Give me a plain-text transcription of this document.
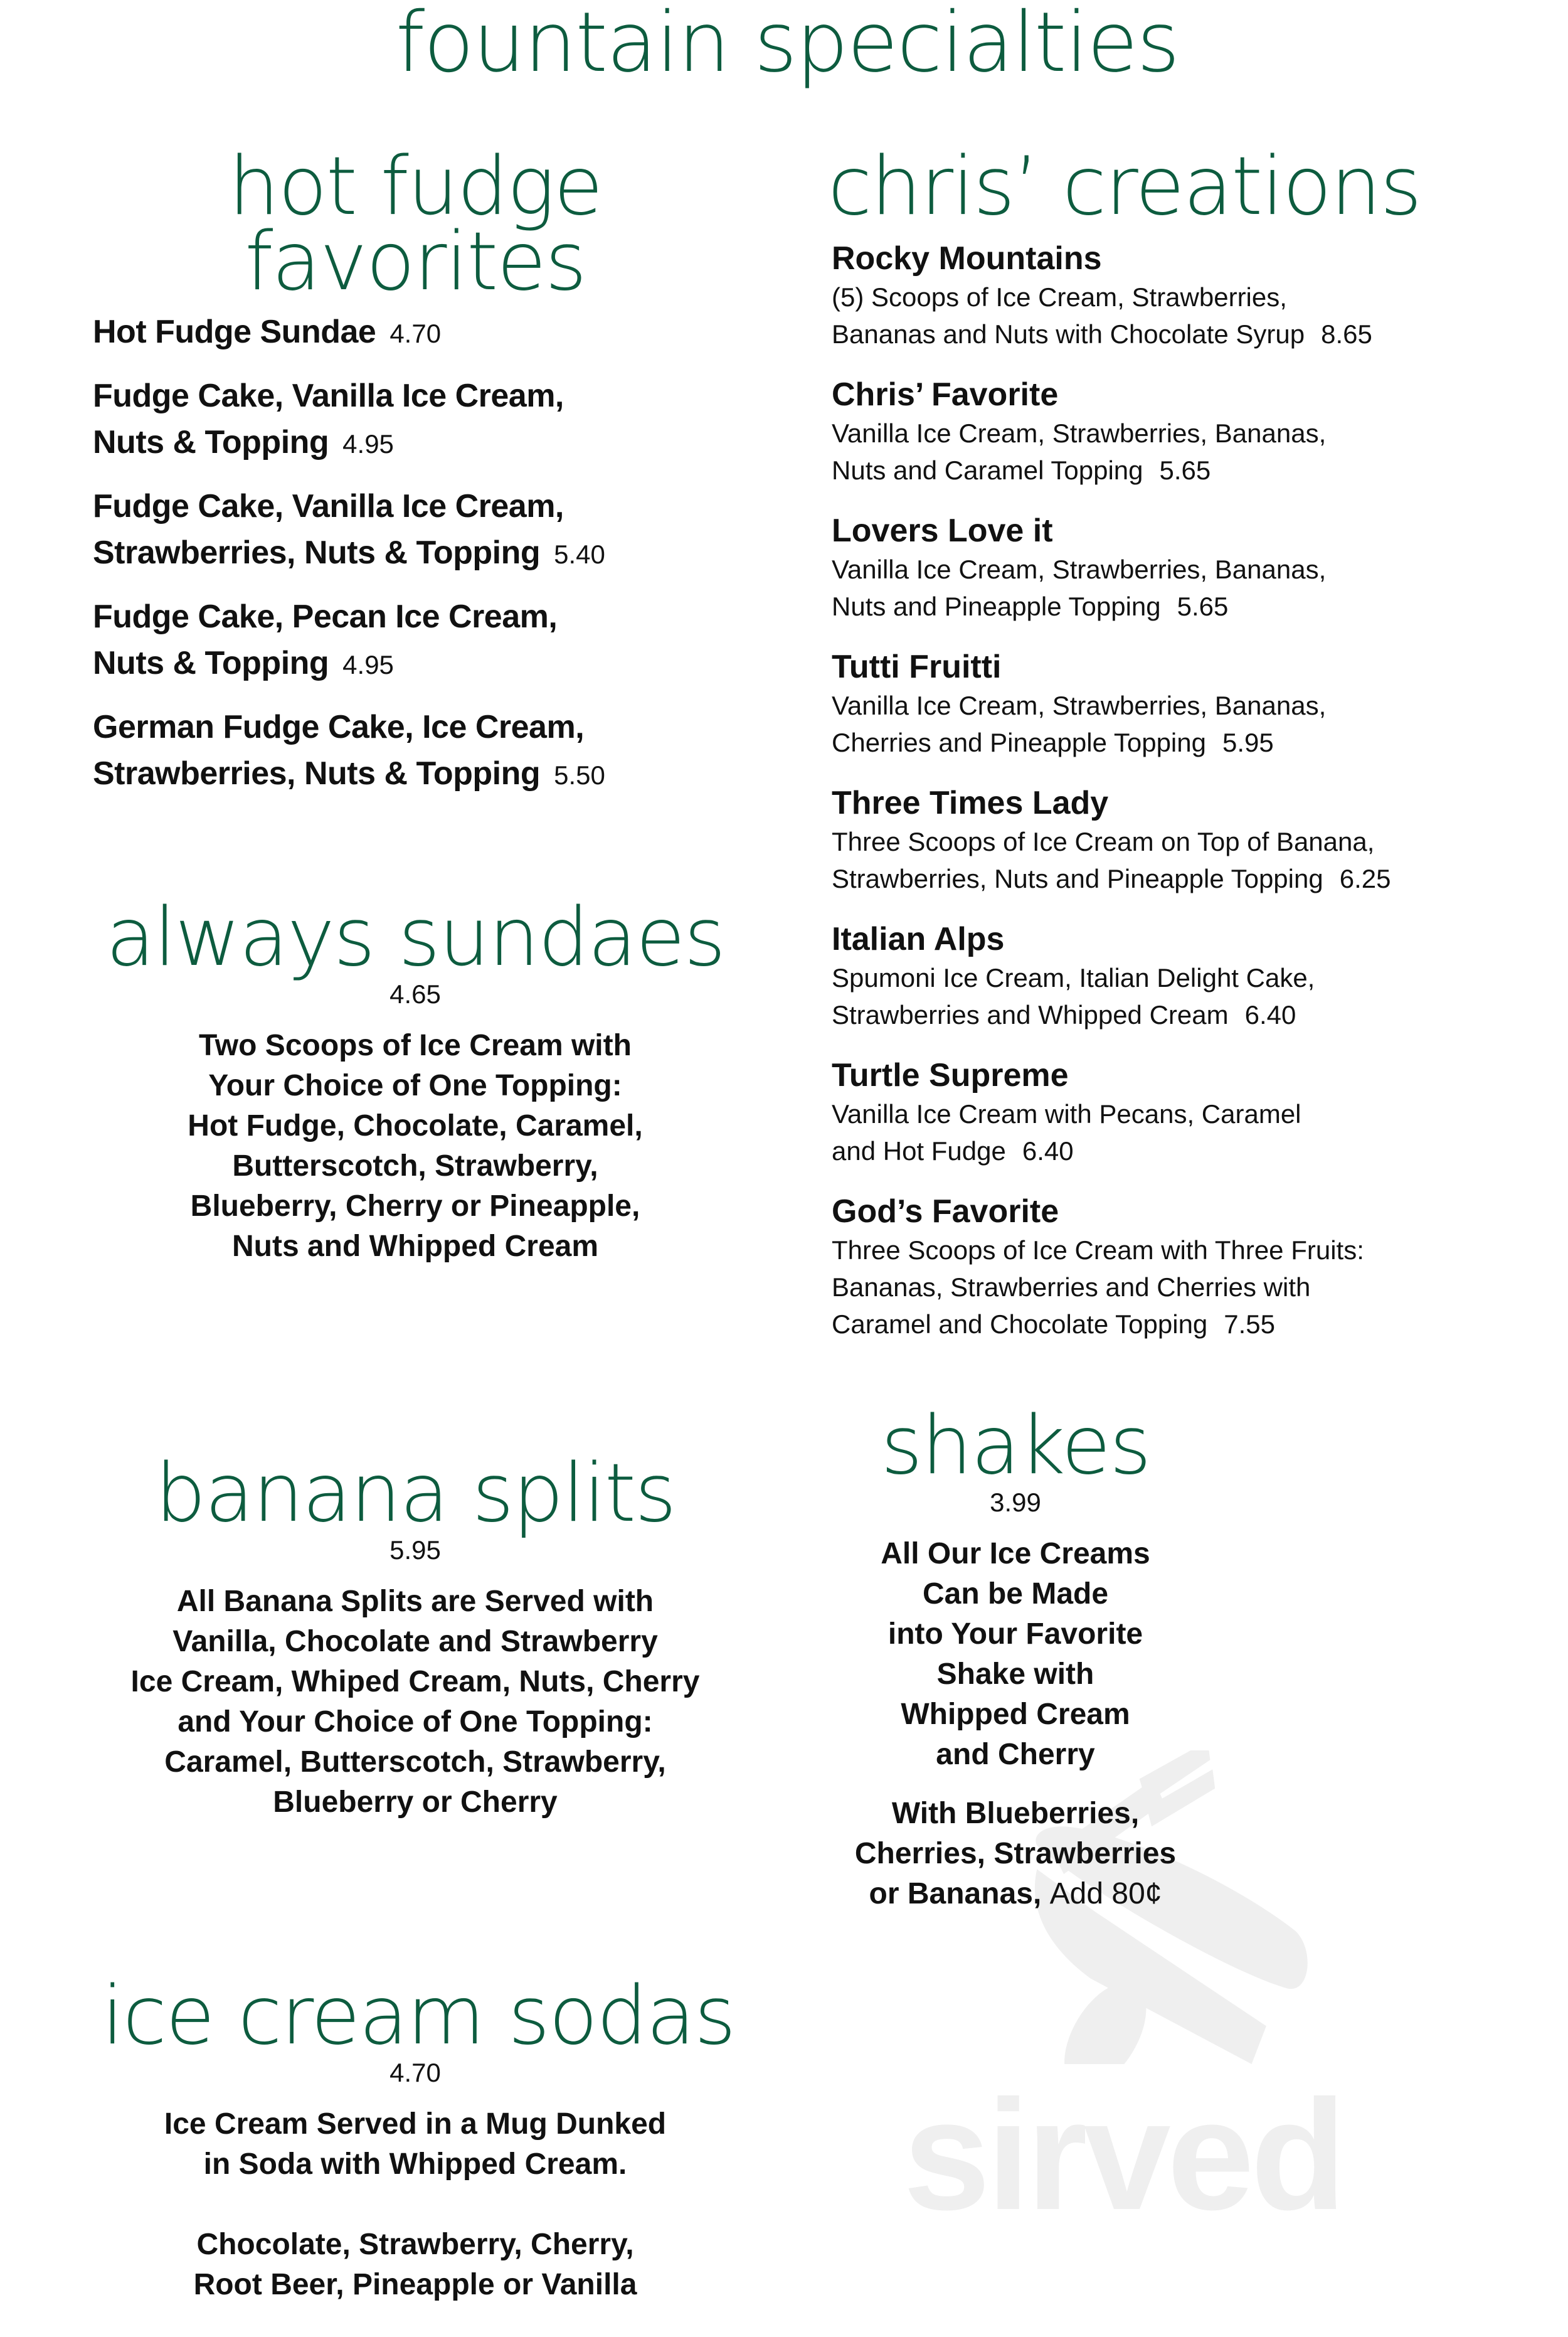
fountain specialties
sirved
hot fudge
favorites
Hot Fudge Sundae 4.70
Fudge Cake, Vanilla Ice Cream,
Nuts & Topping 4.95
Fudge Cake, Vanilla Ice Cream,
Strawberries, Nuts & Topping 5.40
Fudge Cake, Pecan Ice Cream,
Nuts & Topping 4.95
German Fudge Cake, Ice Cream,
Strawberries, Nuts & Topping 5.50
chris’ creations
Rocky Mountains
(5) Scoops of Ice Cream, Strawberries,
Bananas and Nuts with Chocolate Syrup 8.65
Chris’ Favorite
Vanilla Ice Cream, Strawberries, Bananas,
Nuts and Caramel Topping 5.65
Lovers Love it
Vanilla Ice Cream, Strawberries, Bananas,
Nuts and Pineapple Topping 5.65
Tutti Fruitti
Vanilla Ice Cream, Strawberries, Bananas,
Cherries and Pineapple Topping 5.95
Three Times Lady
Three Scoops of Ice Cream on Top of Banana,
Strawberries, Nuts and Pineapple Topping 6.25
Italian Alps
Spumoni Ice Cream, Italian Delight Cake,
Strawberries and Whipped Cream 6.40
Turtle Supreme
Vanilla Ice Cream with Pecans, Caramel
and Hot Fudge 6.40
God’s Favorite
Three Scoops of Ice Cream with Three Fruits:
Bananas, Strawberries and Cherries with
Caramel and Chocolate Topping 7.55
always sundaes
4.65
Two Scoops of Ice Cream with
Your Choice of One Topping:
Hot Fudge, Chocolate, Caramel,
Butterscotch, Strawberry,
Blueberry, Cherry or Pineapple,
Nuts and Whipped Cream
banana splits
5.95
All Banana Splits are Served with
Vanilla, Chocolate and Strawberry
Ice Cream, Whiped Cream, Nuts, Cherry
and Your Choice of One Topping:
Caramel, Butterscotch, Strawberry,
Blueberry or Cherry
ice cream sodas
4.70
Ice Cream Served in a Mug Dunked
in Soda with Whipped Cream.
Chocolate, Strawberry, Cherry,
Root Beer, Pineapple or Vanilla
shakes
3.99
All Our Ice Creams
Can be Made
into Your Favorite
Shake with
Whipped Cream
and Cherry
With Blueberries,
Cherries, Strawberries
or Bananas, Add 80¢
